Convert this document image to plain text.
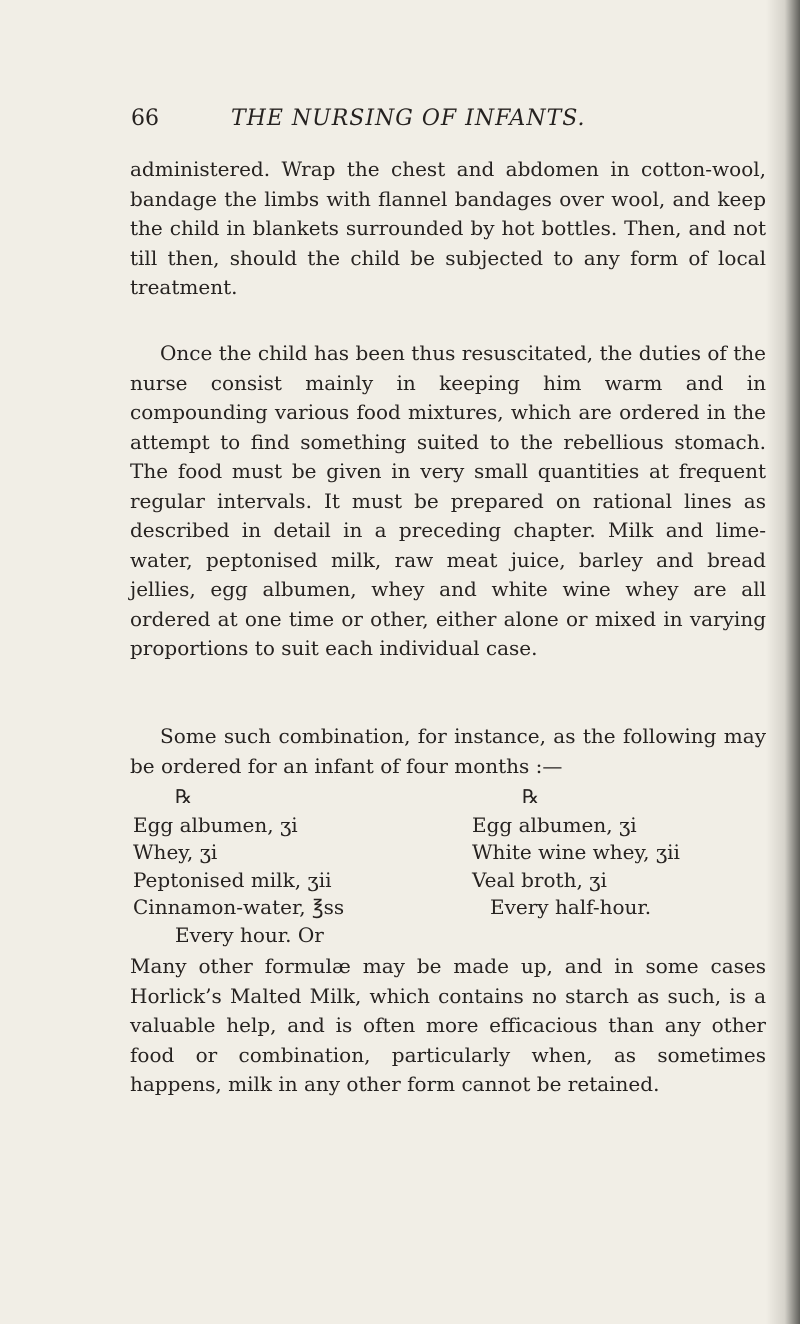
66	THE NURSING OF INFANTS.
administered. Wrap the chest and abdomen in cotton-wool, bandage the limbs with flannel bandages over wool, and keep the child in blankets surrounded by hot bottles. Then, and not till then, should the child be subjected to any form of local treatment.
Once the child has been thus resuscitated, the duties of the nurse consist mainly in keeping him warm and in compounding various food mixtures, which are ordered in the attempt to find something suited to the rebellious stomach. The food must be given in very small quantities at frequent regular intervals. It must be prepared on rational lines as described in detail in a preceding chapter. Milk and lime-water, peptonised milk, raw meat juice, barley and bread jellies, egg albumen, whey and white wine whey are all ordered at one time or other, either alone or mixed in varying proportions to suit each individual case.
Some such combination, for instance, as the following may be ordered for an infant of four months :—
℞
Egg albumen, ʒi
Whey, ʒi
Peptonised milk, ʒii
Cinnamon-water, ℥ss
Every hour. Or
℞
Egg albumen, ʒi
White wine whey, ʒii
Veal broth, ʒi
Every half-hour.
Many other formulæ may be made up, and in some cases Horlick’s Malted Milk, which contains no starch as such, is a valuable help, and is often more efficacious than any other food or combination, particularly when, as sometimes happens, milk in any other form cannot be retained.
